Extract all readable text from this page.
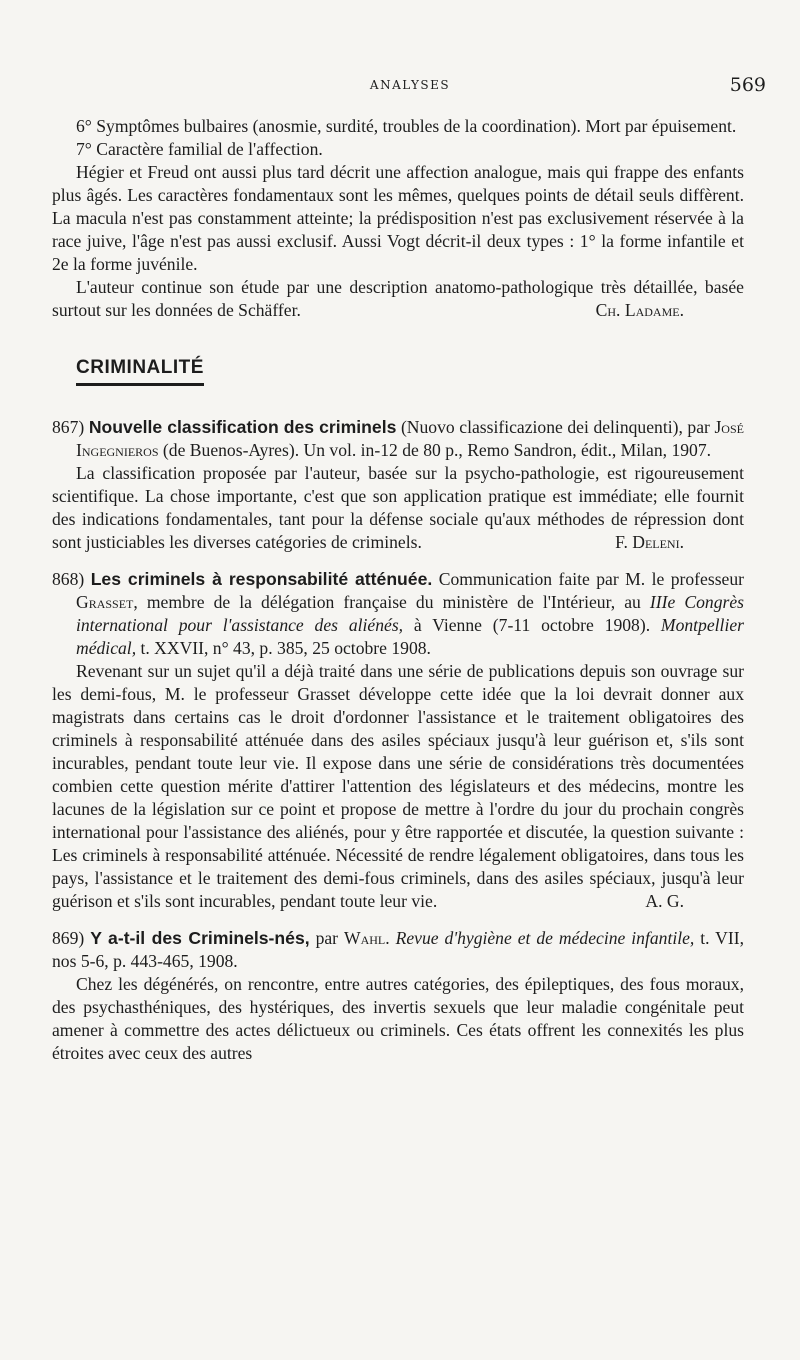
ANALYSES	569

6° Symptômes bulbaires (anosmie, surdité, troubles de la coordination). Mort par épuisement.

7° Caractère familial de l'affection.

Hégier et Freud ont aussi plus tard décrit une affection analogue, mais qui frappe des enfants plus âgés. Les caractères fondamentaux sont les mêmes, quelques points de détail seuls diffèrent. La macula n'est pas constamment atteinte; la prédisposition n'est pas exclusivement réservée à la race juive, l'âge n'est pas aussi exclusif. Aussi Vogt décrit-il deux types : 1° la forme infantile et 2e la forme juvénile.

L'auteur continue son étude par une description anatomo-pathologique très détaillée, basée surtout sur les données de Schäffer.	Ch. Ladame.

CRIMINALITÉ

867) Nouvelle classification des criminels (Nuovo classificazione dei delinquenti), par José Ingegnieros (de Buenos-Ayres). Un vol. in-12 de 80 p., Remo Sandron, édit., Milan, 1907.

La classification proposée par l'auteur, basée sur la psycho-pathologie, est rigoureusement scientifique. La chose importante, c'est que son application pratique est immédiate; elle fournit des indications fondamentales, tant pour la défense sociale qu'aux méthodes de répression dont sont justiciables les diverses catégories de criminels.	F. Deleni.

868) Les criminels à responsabilité atténuée. Communication faite par M. le professeur Grasset, membre de la délégation française du ministère de l'Intérieur, au IIIe Congrès international pour l'assistance des aliénés, à Vienne (7-11 octobre 1908). Montpellier médical, t. XXVII, n° 43, p. 385, 25 octobre 1908.

Revenant sur un sujet qu'il a déjà traité dans une série de publications depuis son ouvrage sur les demi-fous, M. le professeur Grasset développe cette idée que la loi devrait donner aux magistrats dans certains cas le droit d'ordonner l'assistance et le traitement obligatoires des criminels à responsabilité atténuée dans des asiles spéciaux jusqu'à leur guérison et, s'ils sont incurables, pendant toute leur vie. Il expose dans une série de considérations très documentées combien cette question mérite d'attirer l'attention des législateurs et des médecins, montre les lacunes de la législation sur ce point et propose de mettre à l'ordre du jour du prochain congrès international pour l'assistance des aliénés, pour y être rapportée et discutée, la question suivante : Les criminels à responsabilité atténuée. Nécessité de rendre légalement obligatoires, dans tous les pays, l'assistance et le traitement des demi-fous criminels, dans des asiles spéciaux, jusqu'à leur guérison et s'ils sont incurables, pendant toute leur vie.	A. G.

869) Y a-t-il des Criminels-nés, par Wahl. Revue d'hygiène et de médecine infantile, t. VII, nos 5-6, p. 443-465, 1908.

Chez les dégénérés, on rencontre, entre autres catégories, des épileptiques, des fous moraux, des psychasthéniques, des hystériques, des invertis sexuels que leur maladie congénitale peut amener à commettre des actes délictueux ou criminels. Ces états offrent les connexités les plus étroites avec ceux des autres
